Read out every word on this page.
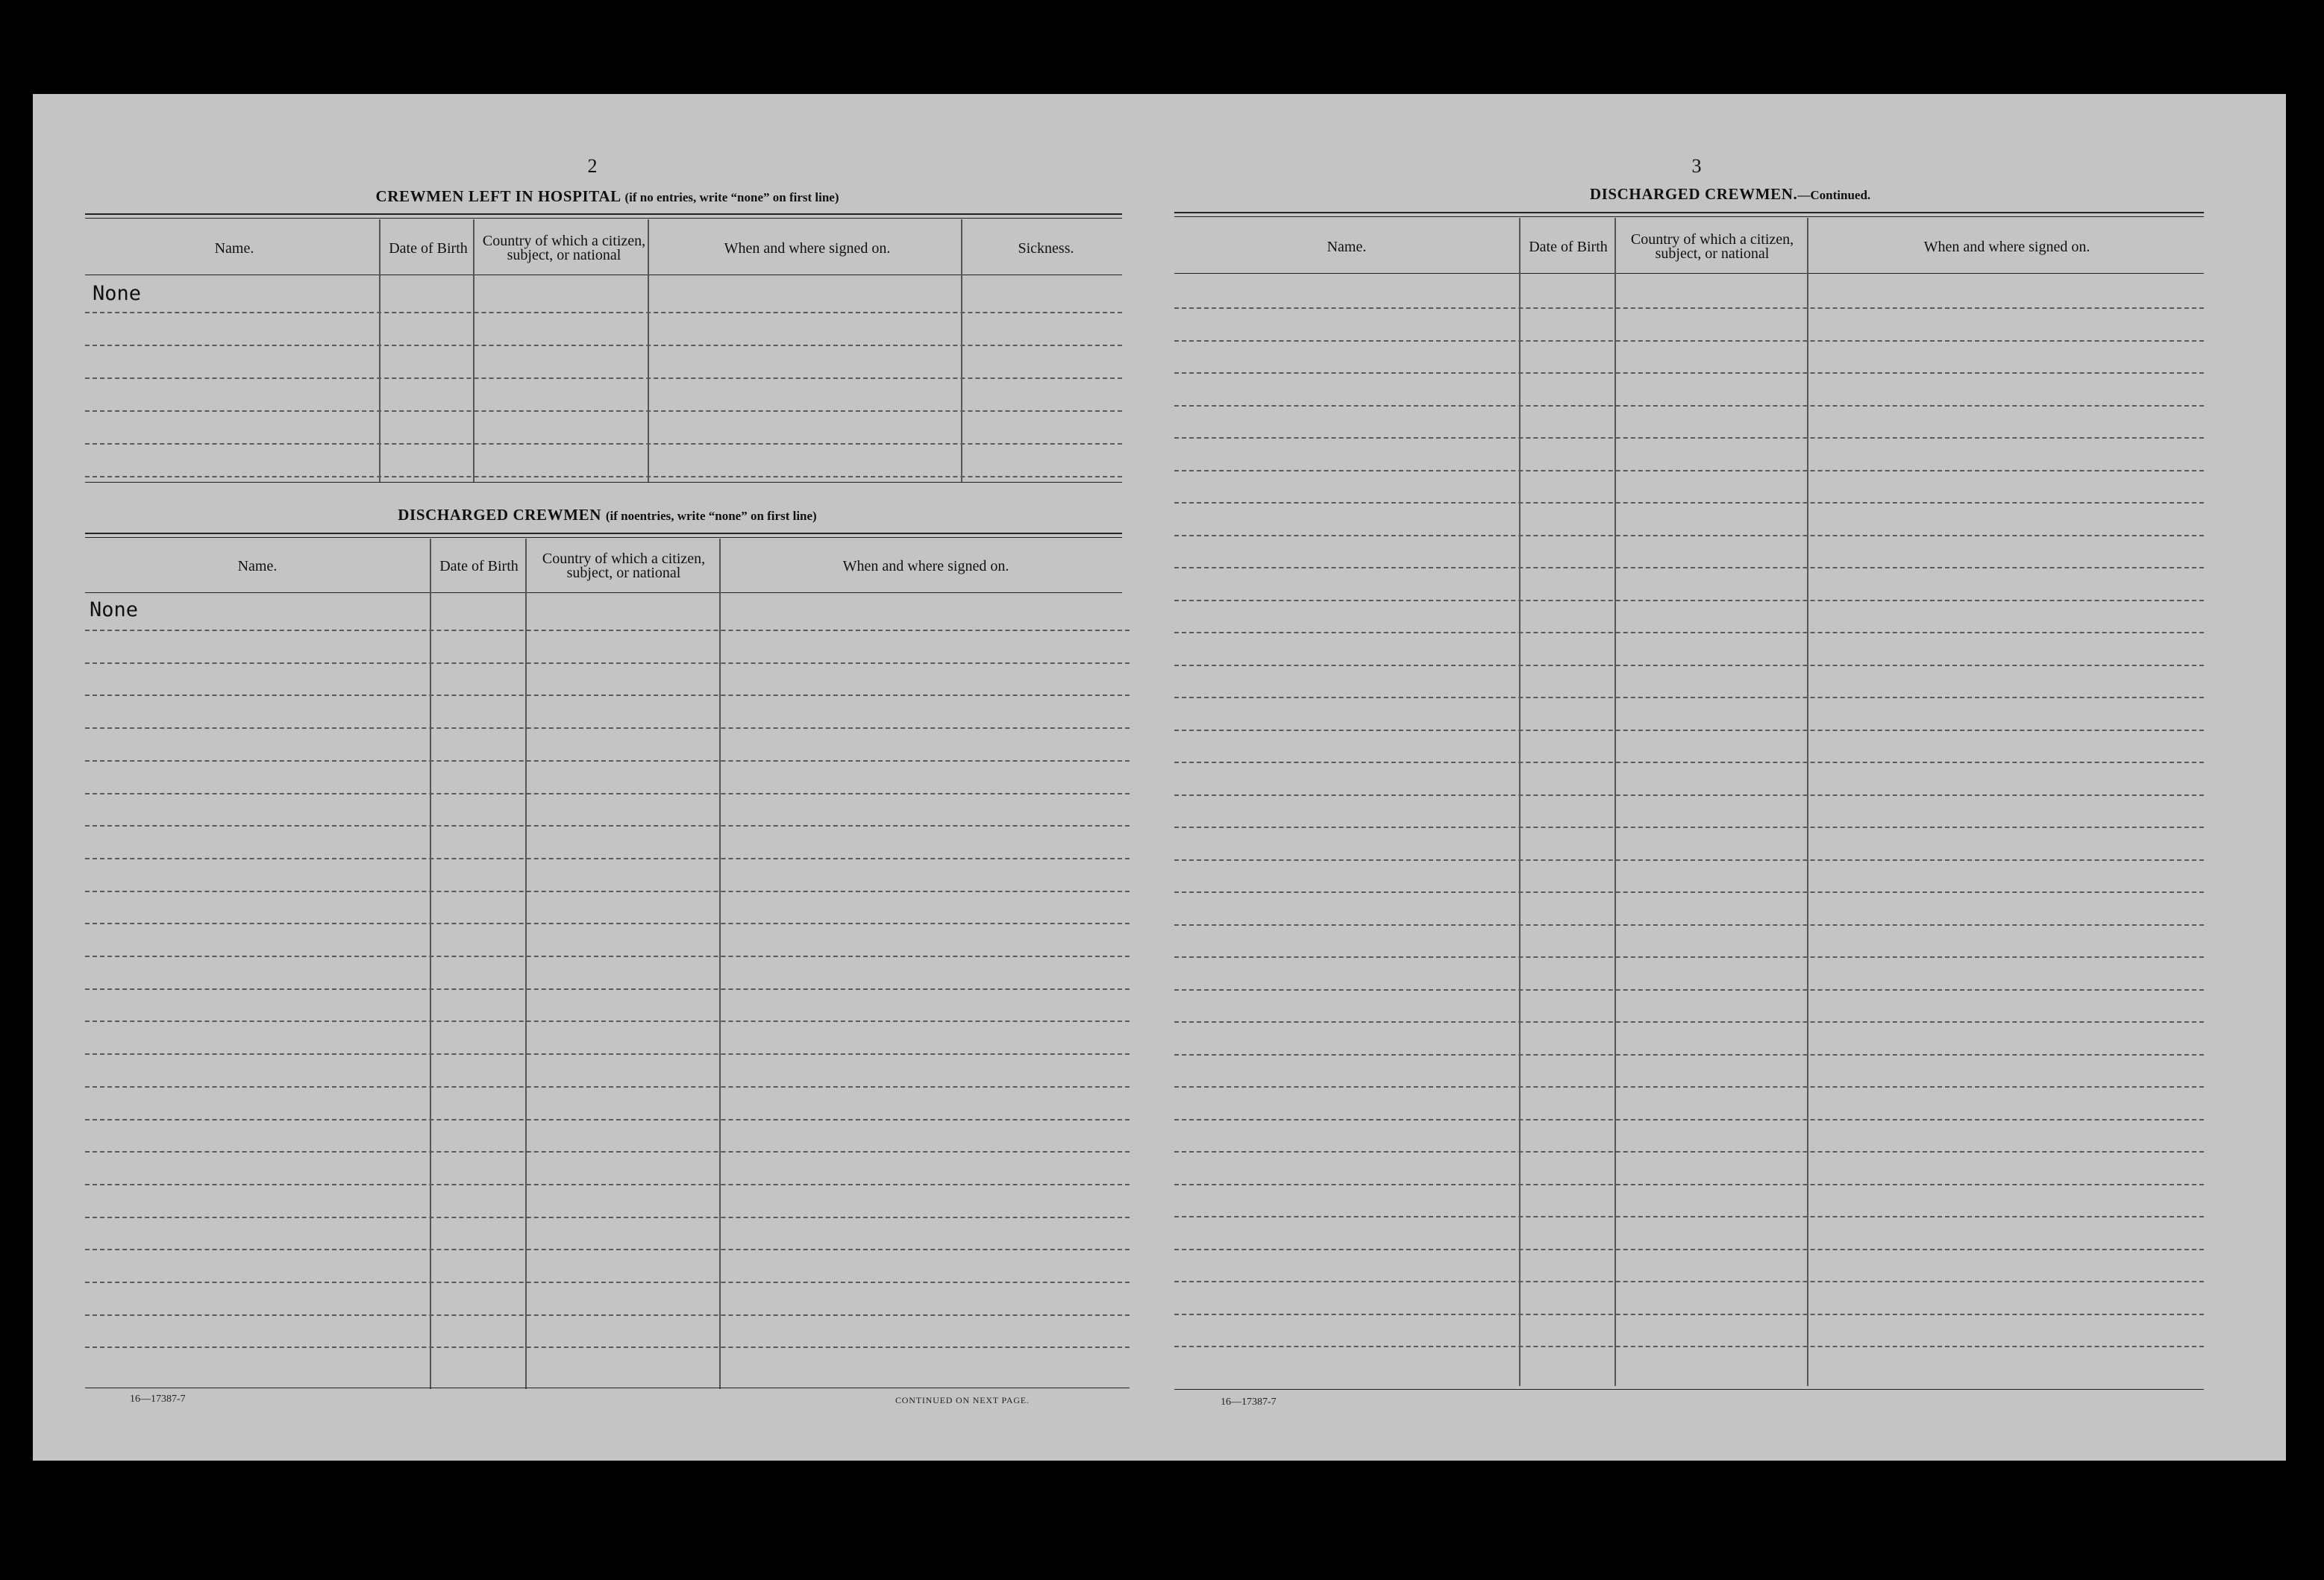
2
CREWMEN LEFT IN HOSPITAL (if no entries, write “none” on first line)
Name.	Date of Birth	Country of which a citizen, subject, or national	When and where signed on.	Sickness.
None
DISCHARGED CREWMEN (if noentries, write “none” on first line)
Name.	Date of Birth	Country of which a citizen, subject, or national	When and where signed on.
None
16—17387-7	CONTINUED ON NEXT PAGE.
3
DISCHARGED CREWMEN.—Continued.
Name.	Date of Birth	Country of which a citizen, subject, or national	When and where signed on.
16—17387-7
